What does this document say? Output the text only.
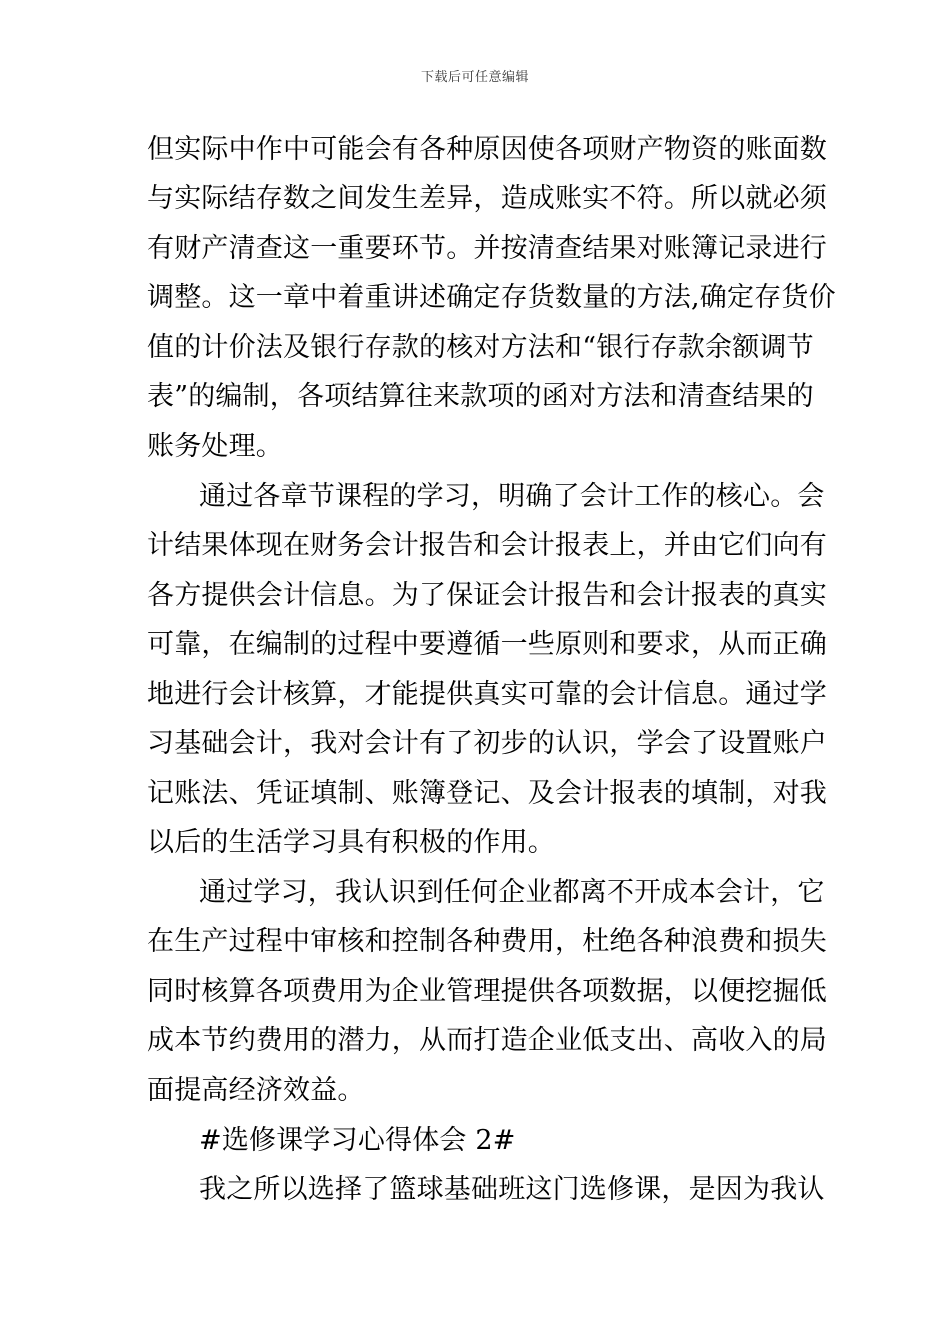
下载后可任意编辑
但实际中作中可能会有各种原因使各项财产物资的账面数
与实际结存数之间发生差异，造成账实不符。所以就必须
有财产清查这一重要环节。并按清查结果对账簿记录进行
调整。这一章中着重讲述确定存货数量的方法,确定存货价
值的计价法及银行存款的核对方法和“银行存款余额调节
表”的编制，各项结算往来款项的函对方法和清查结果的
账务处理。
通过各章节课程的学习，明确了会计工作的核心。会
计结果体现在财务会计报告和会计报表上，并由它们向有
各方提供会计信息。为了保证会计报告和会计报表的真实
可靠，在编制的过程中要遵循一些原则和要求，从而正确
地进行会计核算，才能提供真实可靠的会计信息。通过学
习基础会计，我对会计有了初步的认识，学会了设置账户
记账法、凭证填制、账簿登记、及会计报表的填制，对我
以后的生活学习具有积极的作用。
通过学习，我认识到任何企业都离不开成本会计，它
在生产过程中审核和控制各种费用，杜绝各种浪费和损失
同时核算各项费用为企业管理提供各项数据，以便挖掘低
成本节约费用的潜力，从而打造企业低支出、高收入的局
面提高经济效益。
#选修课学习心得体会 2#
我之所以选择了篮球基础班这门选修课，是因为我认
